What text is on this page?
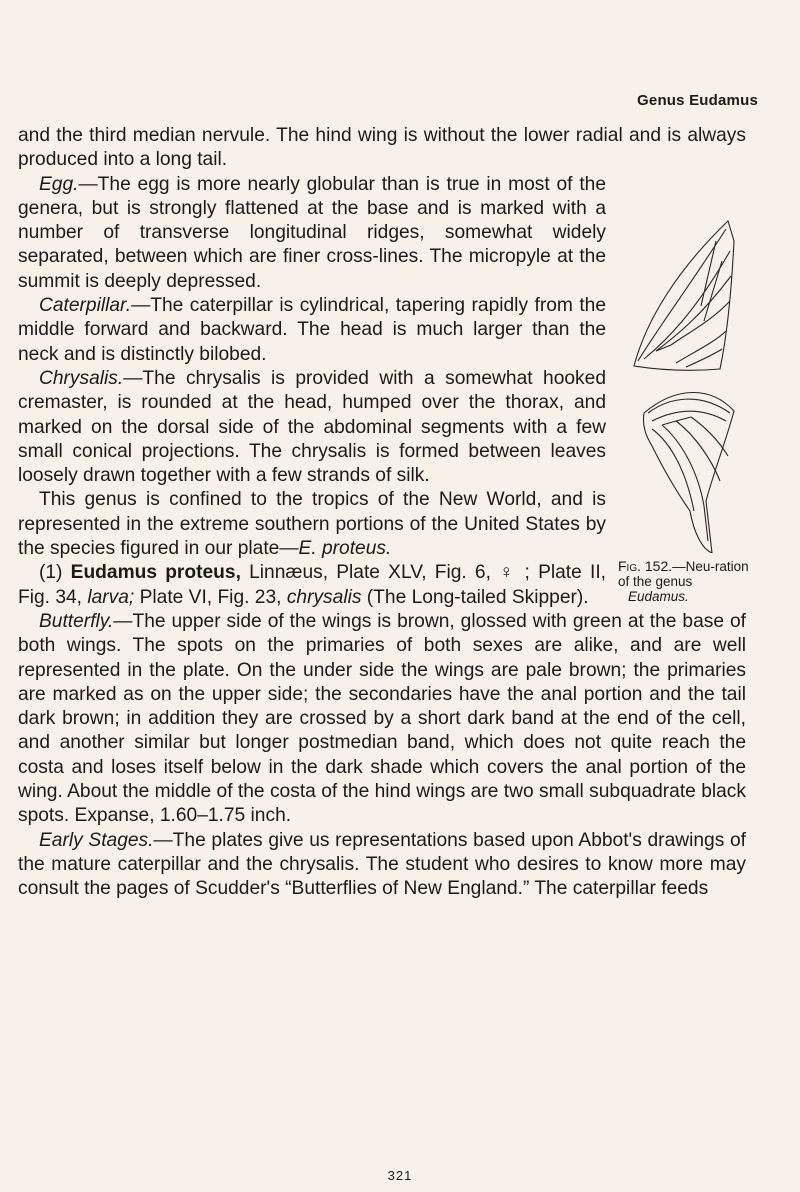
Genus Eudamus

and the third median nervule. The hind wing is without the lower radial and is always produced into a long tail.

Fig. 152.—Neu-ration of the genus
Eudamus.

Egg.—The egg is more nearly globular than is true in most of the genera, but is strongly flattened at the base and is marked with a number of transverse longitudinal ridges, somewhat widely separated, between which are finer cross-lines. The micropyle at the summit is deeply depressed.

Caterpillar.—The caterpillar is cylindrical, tapering rapidly from the middle forward and backward. The head is much larger than the neck and is distinctly bilobed.

Chrysalis.—The chrysalis is provided with a somewhat hooked cremaster, is rounded at the head, humped over the thorax, and marked on the dorsal side of the abdominal segments with a few small conical projections. The chrysalis is formed between leaves loosely drawn together with a few strands of silk.

This genus is confined to the tropics of the New World, and is represented in the extreme southern portions of the United States by the species figured in our plate—E. proteus.

(1) Eudamus proteus, Linnæus, Plate XLV, Fig. 6, ♀ ; Plate II, Fig. 34, larva; Plate VI, Fig. 23, chrysalis (The Long-tailed Skipper).

Butterfly.—The upper side of the wings is brown, glossed with green at the base of both wings. The spots on the primaries of both sexes are alike, and are well represented in the plate. On the under side the wings are pale brown; the primaries are marked as on the upper side; the secondaries have the anal portion and the tail dark brown; in addition they are crossed by a short dark band at the end of the cell, and another similar but longer postmedian band, which does not quite reach the costa and loses itself below in the dark shade which covers the anal portion of the wing. About the middle of the costa of the hind wings are two small subquadrate black spots. Expanse, 1.60–1.75 inch.

Early Stages.—The plates give us representations based upon Abbot's drawings of the mature caterpillar and the chrysalis. The student who desires to know more may consult the pages of Scudder's “Butterflies of New England.” The caterpillar feeds

321
